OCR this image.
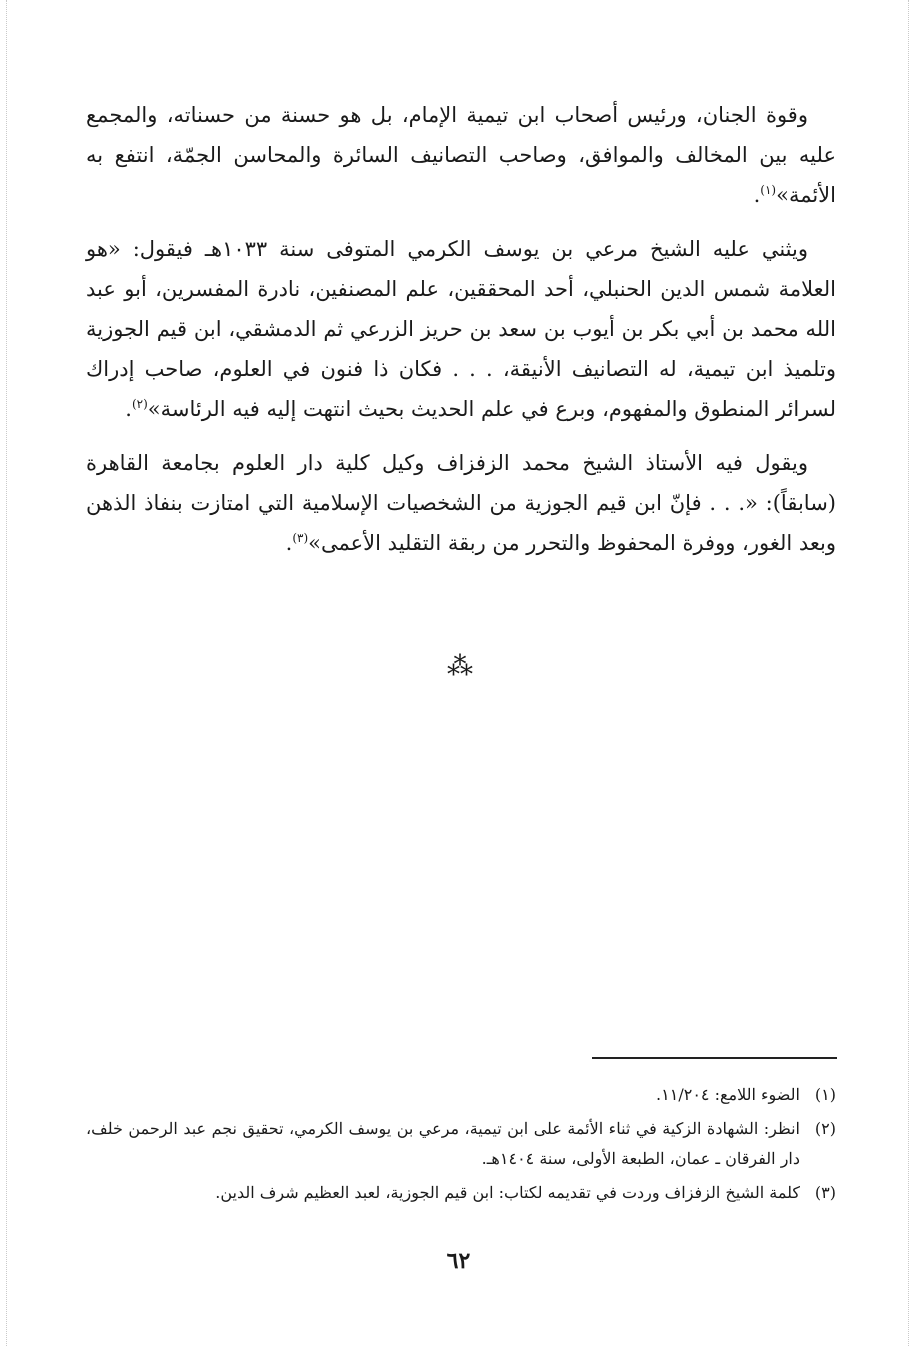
وقوة الجنان، ورئيس أصحاب ابن تيمية الإمام، بل هو حسنة من حسناته، والمجمع عليه بين المخالف والموافق، وصاحب التصانيف السائرة والمحاسن الجمّة، انتفع به الأئمة»$^{(١)}$.

ويثني عليه الشيخ مرعي بن يوسف الكرمي المتوفى سنة ١٠٣٣هـ فيقول: «هو العلامة شمس الدين الحنبلي، أحد المحققين، علم المصنفين، نادرة المفسرين، أبو عبد الله محمد بن أبي بكر بن أيوب بن سعد بن حريز الزرعي ثم الدمشقي، ابن قيم الجوزية وتلميذ ابن تيمية، له التصانيف الأنيقة، . . . فكان ذا فنون في العلوم، صاحب إدراك لسرائر المنطوق والمفهوم، وبرع في علم الحديث بحيث انتهت إليه فيه الرئاسة»$^{(٢)}$.

ويقول فيه الأستاذ الشيخ محمد الزفزاف وكيل كلية دار العلوم بجامعة القاهرة (سابقاً): «. . . فإنّ ابن قيم الجوزية من الشخصيات الإسلامية التي امتازت بنفاذ الذهن وبعد الغور، ووفرة المحفوظ والتحرر من ربقة التقليد الأعمى»$^{(٣)}$.

⁂
(١)
الضوء اللامع: ١١/٢٠٤.
(٢)
انظر: الشهادة الزكية في ثناء الأئمة على ابن تيمية، مرعي بن يوسف الكرمي، تحقيق نجم عبد الرحمن خلف، دار الفرقان ـ عمان، الطبعة الأولى، سنة ١٤٠٤هـ.
(٣)
كلمة الشيخ الزفزاف وردت في تقديمه لكتاب: ابن قيم الجوزية، لعبد العظيم شرف الدين.
٦٢
